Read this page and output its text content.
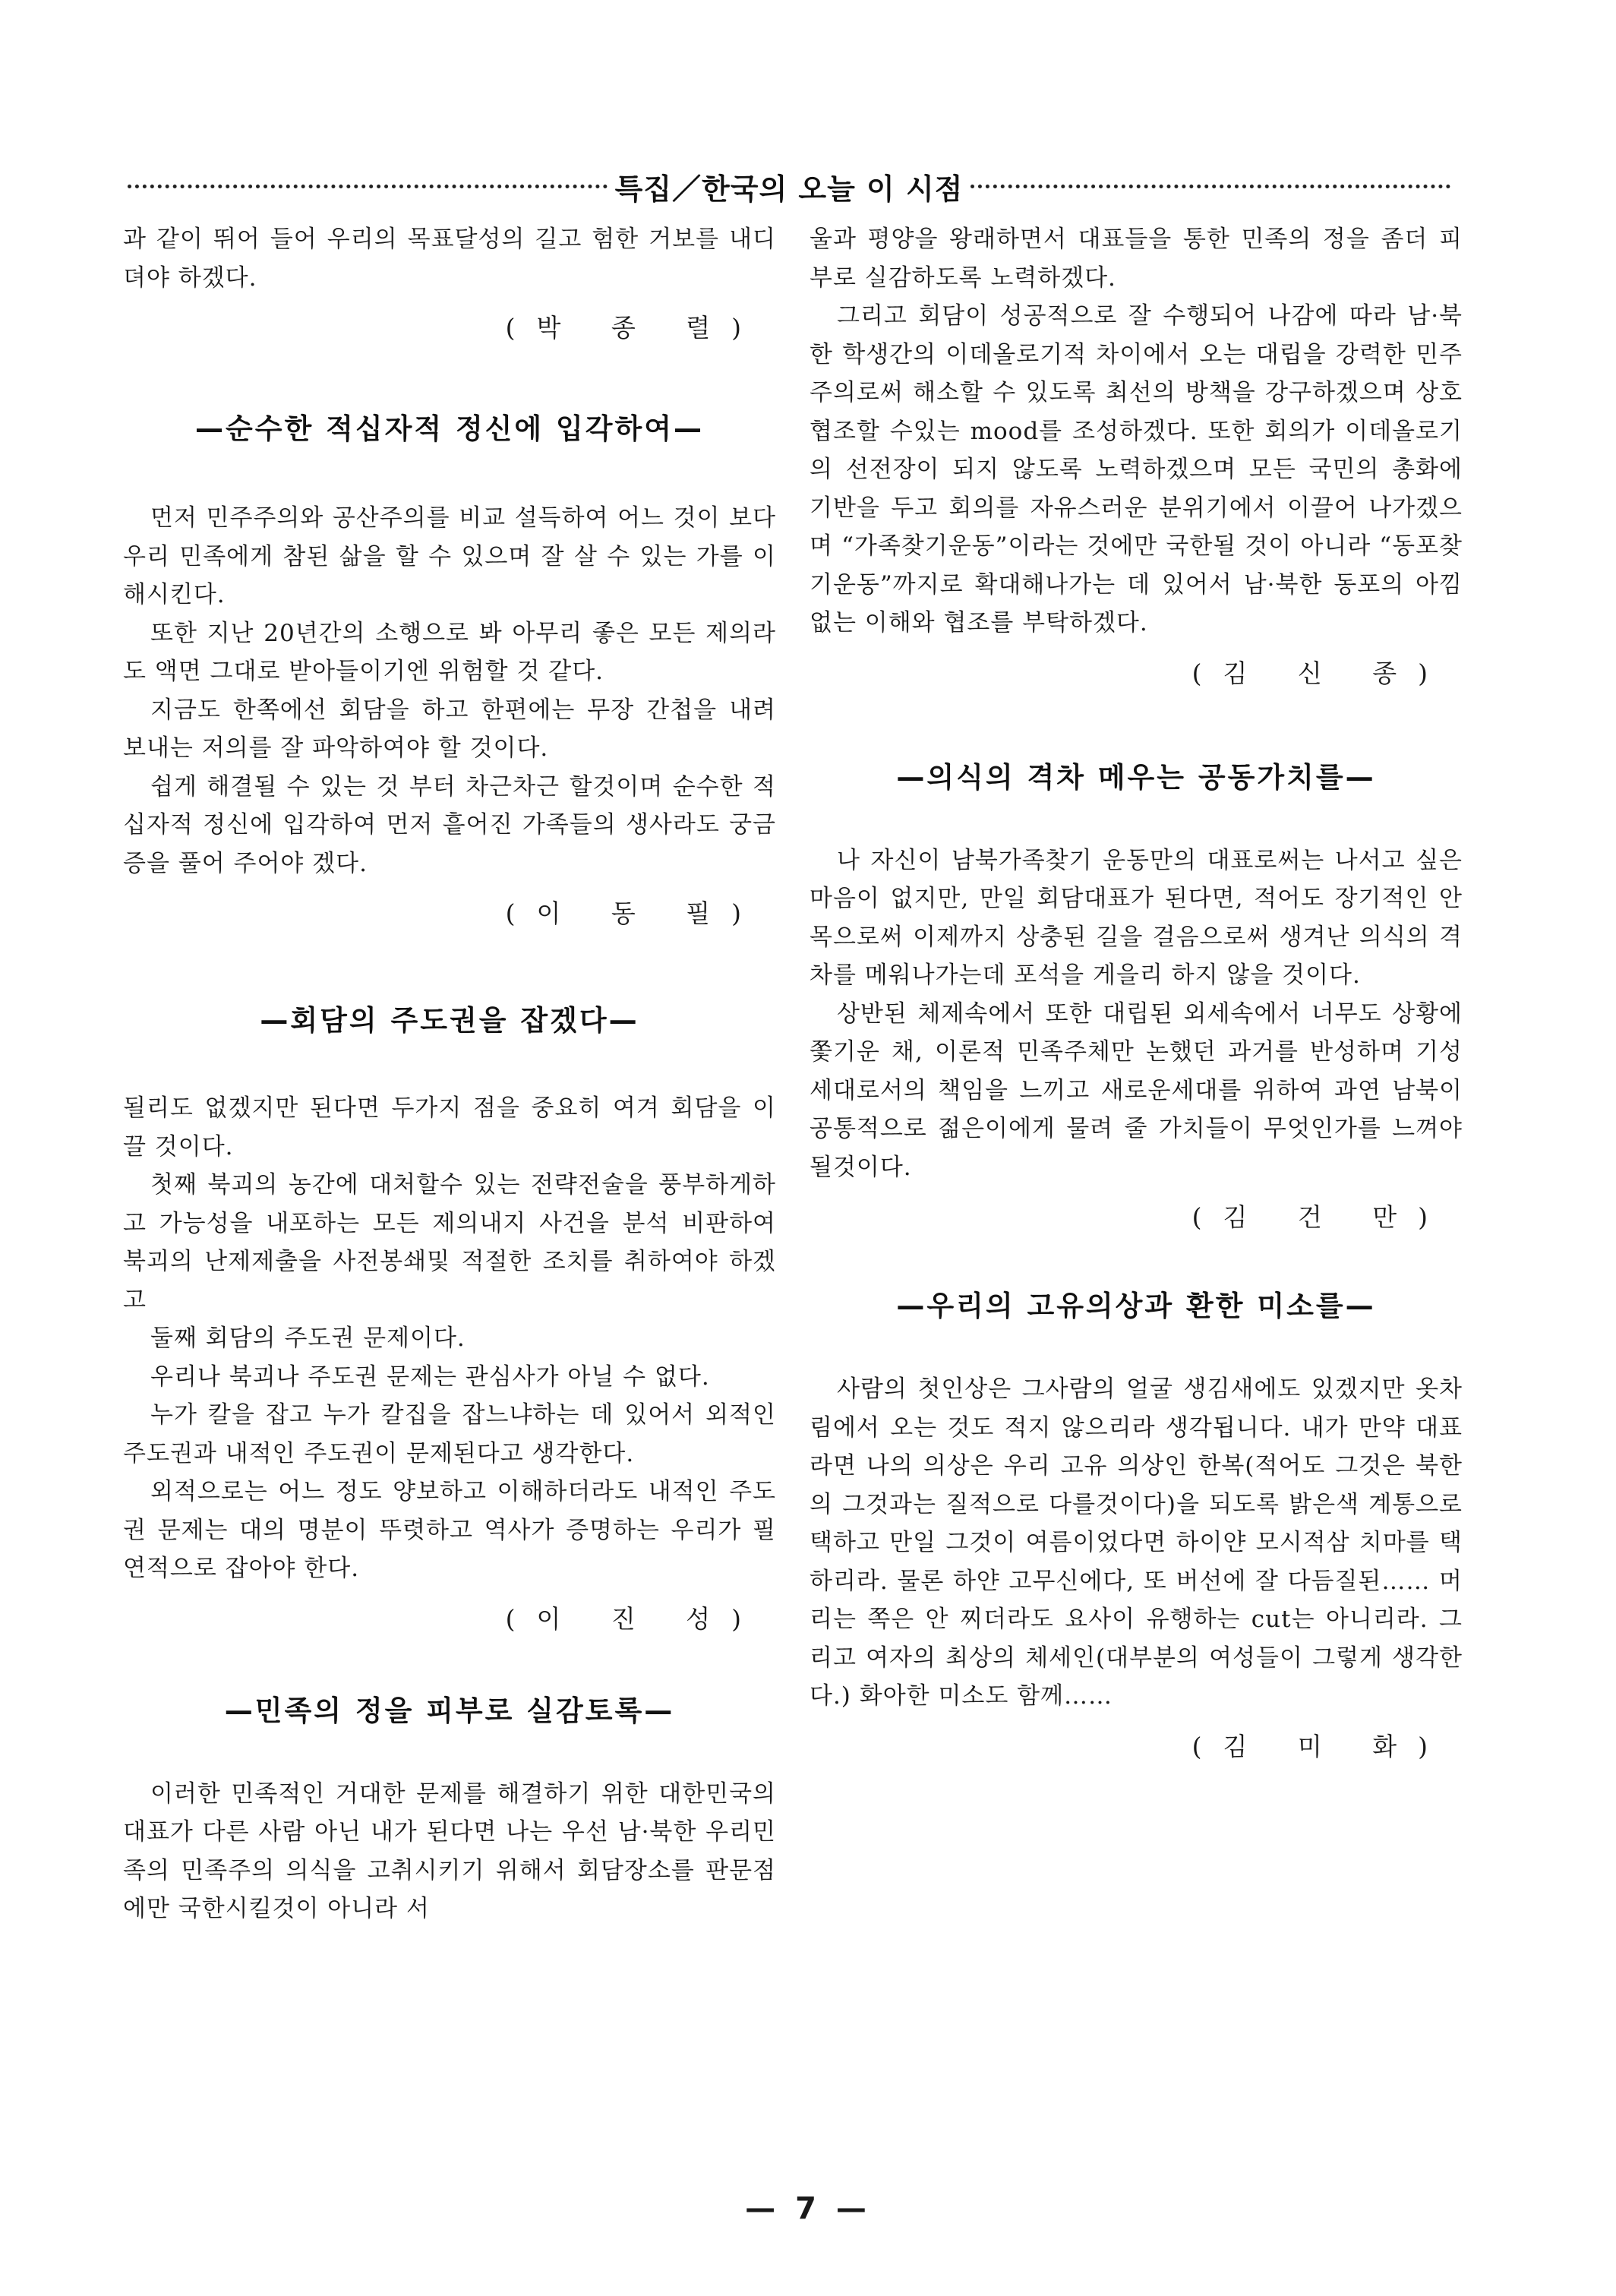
특집／한국의 오늘 이 시점

과 같이 뛰어 들어 우리의 목표달성의 길고 험한 거보를 내디뎌야 하겠다.

(박 종 렬)
—순수한 적십자적 정신에 입각하여—

먼저 민주주의와 공산주의를 비교 설득하여 어느 것이 보다 우리 민족에게 참된 삶을 할 수 있으며 잘 살 수 있는 가를 이해시킨다.

또한 지난 20년간의 소행으로 봐 아무리 좋은 모든 제의라도 액면 그대로 받아들이기엔 위험할 것 같다.

지금도 한쪽에선 회담을 하고 한편에는 무장 간첩을 내려 보내는 저의를 잘 파악하여야 할 것이다.

쉽게 해결될 수 있는 것 부터 차근차근 할것이며 순수한 적십자적 정신에 입각하여 먼저 흩어진 가족들의 생사라도 궁금증을 풀어 주어야 겠다.

(이 동 필)
—회담의 주도권을 잡겠다—

될리도 없겠지만 된다면 두가지 점을 중요히 여겨 회담을 이끌 것이다.

첫째 북괴의 농간에 대처할수 있는 전략전술을 풍부하게하고 가능성을 내포하는 모든 제의내지 사건을 분석 비판하여 북괴의 난제제출을 사전봉쇄및 적절한 조치를 취하여야 하겠고

둘째 회담의 주도권 문제이다.

우리나 북괴나 주도권 문제는 관심사가 아닐 수 없다.

누가 칼을 잡고 누가 칼집을 잡느냐하는 데 있어서 외적인 주도권과 내적인 주도권이 문제된다고 생각한다.

외적으로는 어느 정도 양보하고 이해하더라도 내적인 주도권 문제는 대의 명분이 뚜렷하고 역사가 증명하는 우리가 필연적으로 잡아야 한다.

(이 진 성)
—민족의 정을 피부로 실감토록—

이러한 민족적인 거대한 문제를 해결하기 위한 대한민국의 대표가 다른 사람 아닌 내가 된다면 나는 우선 남·북한 우리민족의 민족주의 의식을 고취시키기 위해서 회담장소를 판문점에만 국한시킬것이 아니라 서

울과 평양을 왕래하면서 대표들을 통한 민족의 정을 좀더 피부로 실감하도록 노력하겠다.

그리고 회담이 성공적으로 잘 수행되어 나감에 따라 남·북한 학생간의 이데올로기적 차이에서 오는 대립을 강력한 민주주의로써 해소할 수 있도록 최선의 방책을 강구하겠으며 상호 협조할 수있는 mood를 조성하겠다. 또한 회의가 이데올로기의 선전장이 되지 않도록 노력하겠으며 모든 국민의 총화에 기반을 두고 회의를 자유스러운 분위기에서 이끌어 나가겠으며 “가족찾기운동”이라는 것에만 국한될 것이 아니라 “동포찾기운동”까지로 확대해나가는 데 있어서 남·북한 동포의 아낌없는 이해와 협조를 부탁하겠다.

(김 신 종)
—의식의 격차 메우는 공동가치를—

나 자신이 남북가족찾기 운동만의 대표로써는 나서고 싶은마음이 없지만, 만일 회담대표가 된다면, 적어도 장기적인 안목으로써 이제까지 상충된 길을 걸음으로써 생겨난 의식의 격차를 메워나가는데 포석을 게을리 하지 않을 것이다.

상반된 체제속에서 또한 대립된 외세속에서 너무도 상황에 쫓기운 채, 이론적 민족주체만 논했던 과거를 반성하며 기성세대로서의 책임을 느끼고 새로운세대를 위하여 과연 남북이 공통적으로 젊은이에게 물려 줄 가치들이 무엇인가를 느껴야 될것이다.

(김 건 만)
—우리의 고유의상과 환한 미소를—

사람의 첫인상은 그사람의 얼굴 생김새에도 있겠지만 옷차림에서 오는 것도 적지 않으리라 생각됩니다. 내가 만약 대표라면 나의 의상은 우리 고유 의상인 한복(적어도 그것은 북한의 그것과는 질적으로 다를것이다)을 되도록 밝은색 계통으로 택하고 만일 그것이 여름이었다면 하이얀 모시적삼 치마를 택하리라. 물론 하얀 고무신에다, 또 버선에 잘 다듬질된…… 머리는 쪽은 안 찌더라도 요사이 유행하는 cut는 아니리라. 그리고 여자의 최상의 체세인(대부분의 여성들이 그렇게 생각한다.) 화아한 미소도 함께……

(김 미 화)
— 7 —
